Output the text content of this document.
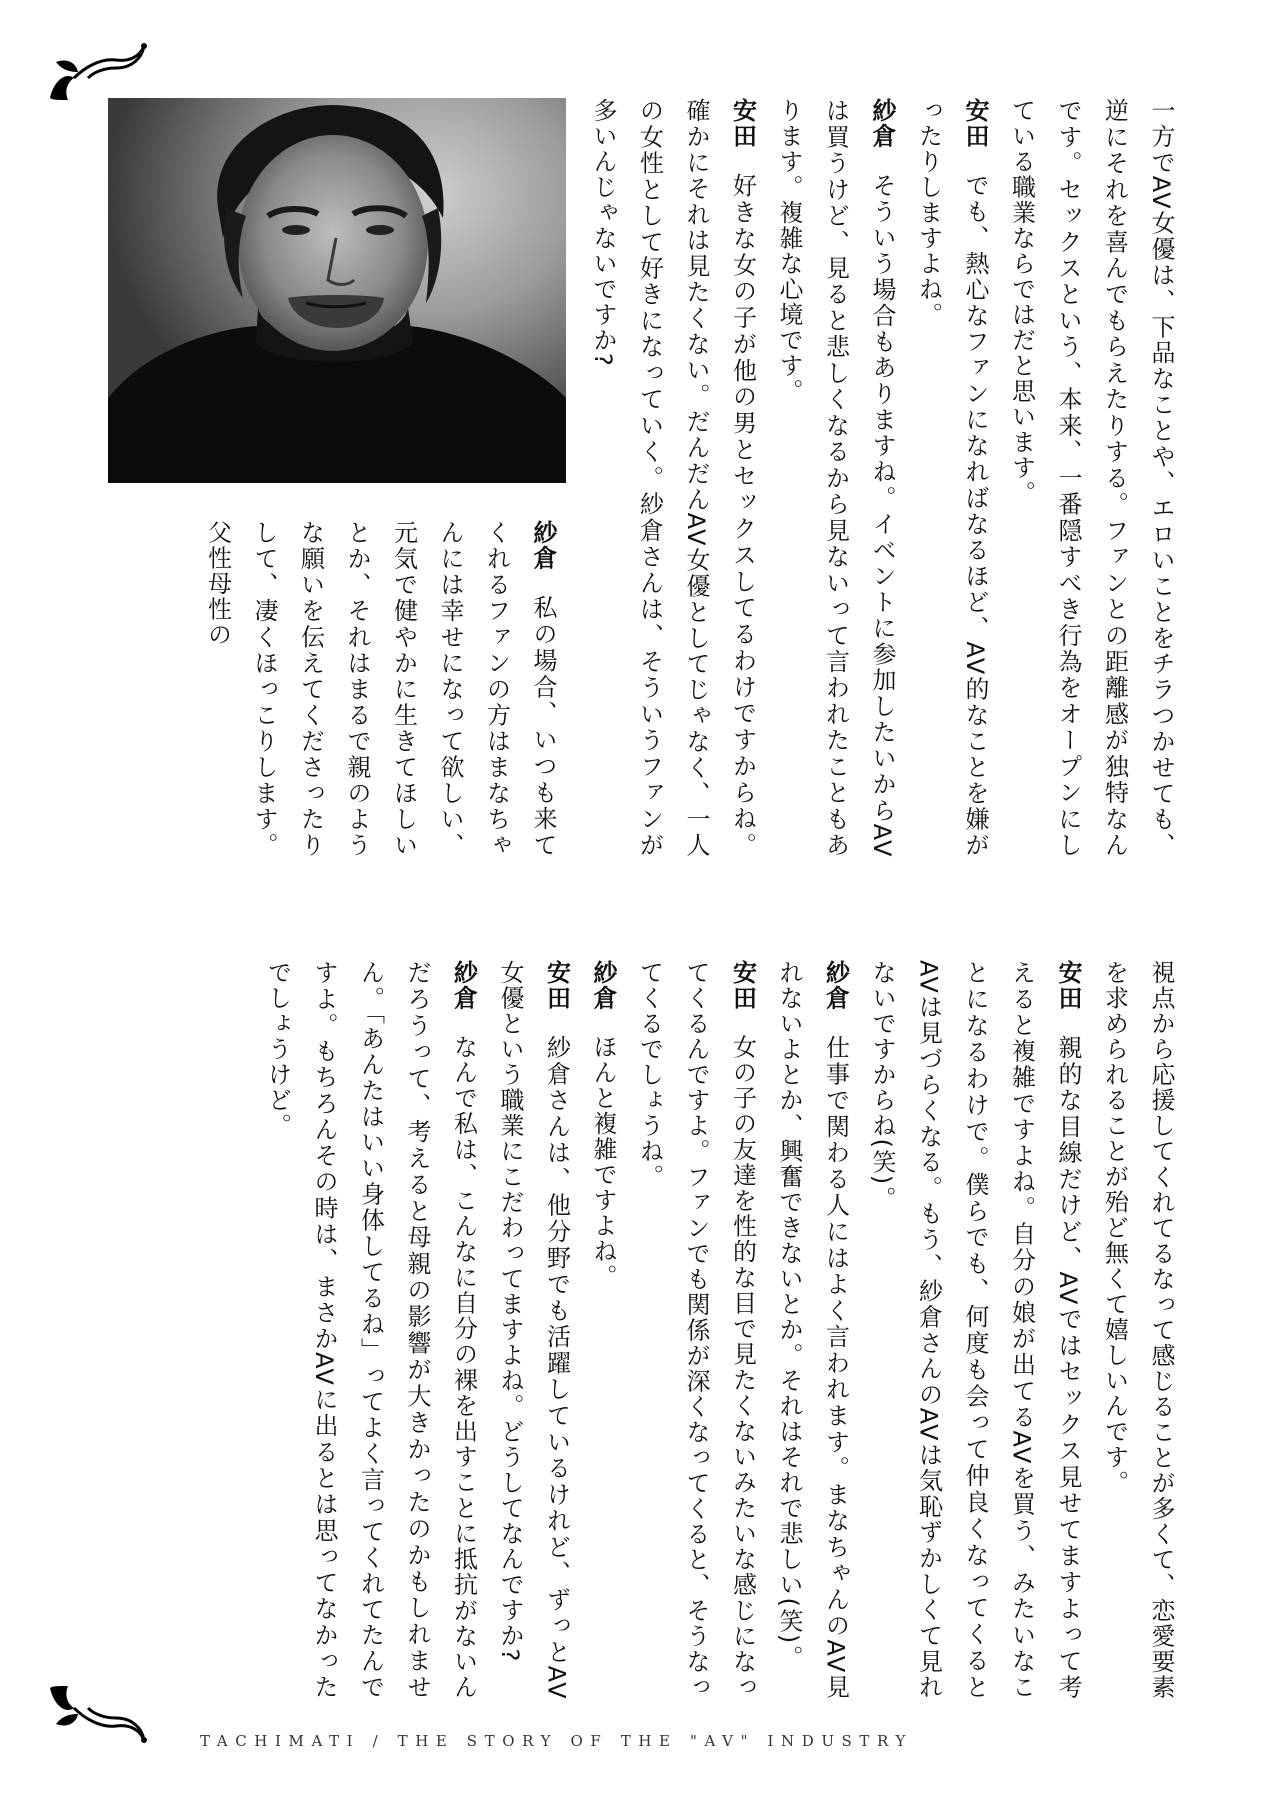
一方でAV女優は、下品なことや、エロいことをチラつかせても、逆にそれを喜んでもらえたりする。ファンとの距離感が独特なんです。セックスという、本来、一番隠すべき行為をオープンにしている職業ならではだと思います。

安田 でも、熱心なファンになればなるほど、AV的なことを嫌がったりしますよね。

紗倉 そういう場合もありますね。イベントに参加したいからAVは買うけど、見ると悲しくなるから見ないって言われたこともあります。複雑な心境です。

安田 好きな女の子が他の男とセックスしてるわけですからね。確かにそれは見たくない。だんだんAV女優としてじゃなく、一人の女性として好きになっていく。紗倉さんは、そういうファンが多いんじゃないですか?

紗倉 私の場合、いつも来てくれるファンの方はまなちゃんには幸せになって欲しい、元気で健やかに生きてほしいとか、それはまるで親のような願いを伝えてくださったりして、凄くほっこりします。父性母性の

視点から応援してくれてるなって感じることが多くて、恋愛要素を求められることが殆ど無くて嬉しいんです。

安田 親的な目線だけど、AVではセックス見せてますよって考えると複雑ですよね。自分の娘が出てるAVを買う、みたいなことになるわけで。僕らでも、何度も会って仲良くなってくるとAVは見づらくなる。もう、紗倉さんのAVは気恥ずかしくて見れないですからね(笑)。

紗倉 仕事で関わる人にはよく言われます。まなちゃんのAV見れないよとか、興奮できないとか。それはそれで悲しい(笑)。

安田 女の子の友達を性的な目で見たくないみたいな感じになってくるんですよ。ファンでも関係が深くなってくると、そうなってくるでしょうね。

紗倉 ほんと複雑ですよね。

安田 紗倉さんは、他分野でも活躍しているけれど、ずっとAV女優という職業にこだわってますよね。どうしてなんですか?

紗倉 なんで私は、こんなに自分の裸を出すことに抵抗がないんだろうって、考えると母親の影響が大きかったのかもしれません。「あんたはいい身体してるね」ってよく言ってくれてたんですよ。もちろんその時は、まさかAVに出るとは思ってなかったでしょうけど。

TACHIMATI / THE STORY OF THE "AV" INDUSTRY
